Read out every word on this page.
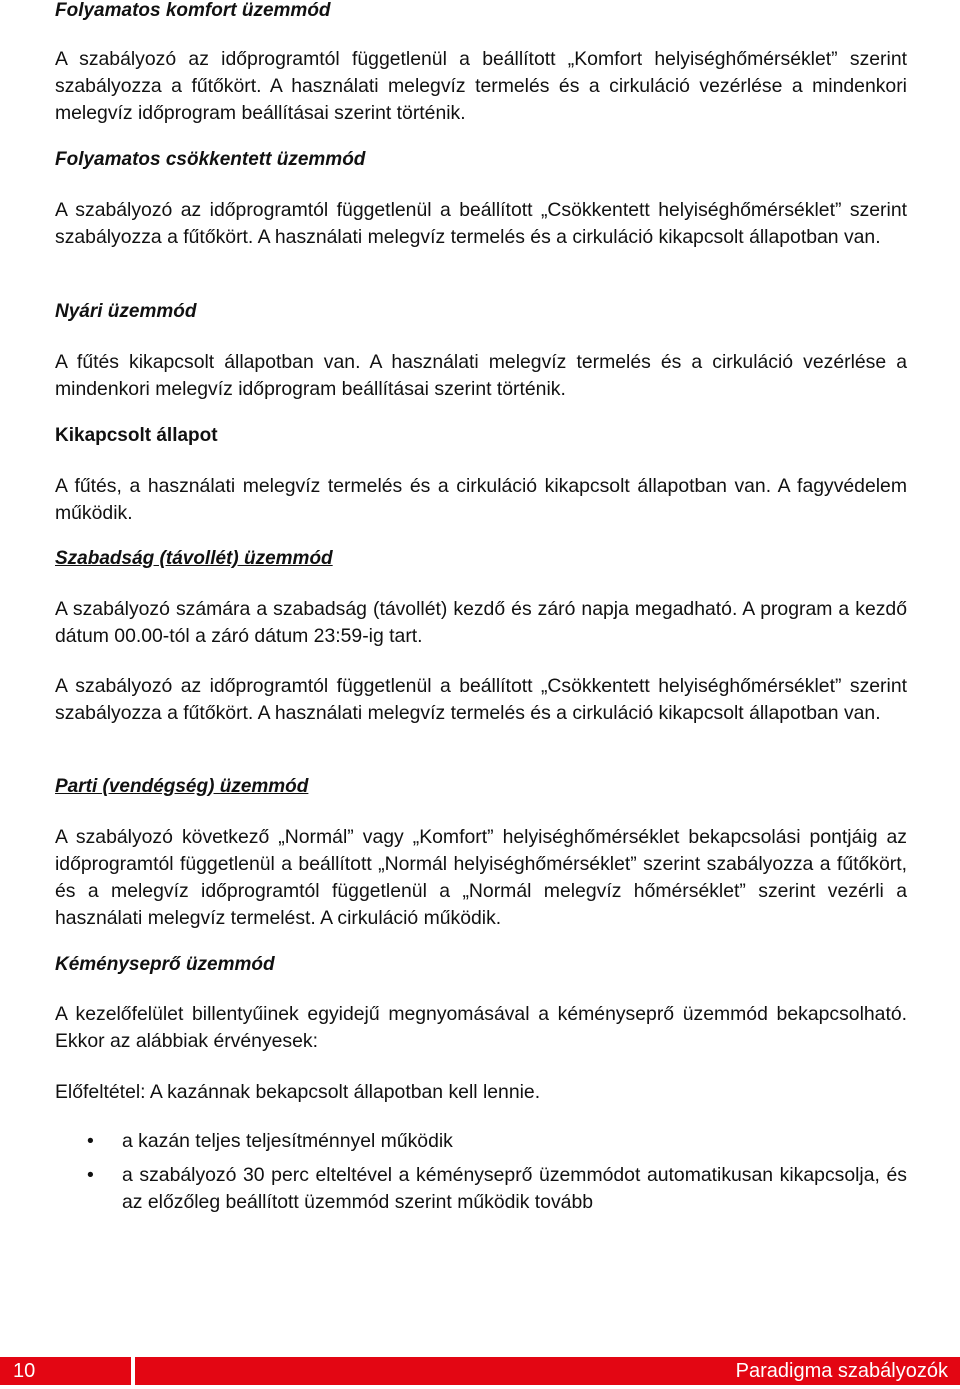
Folyamatos komfort üzemmód

A szabályozó az időprogramtól függetlenül a beállított „Komfort helyiséghőmérséklet” szerint szabályozza a fűtőkört. A használati melegvíz termelés és a cirkuláció vezérlése a mindenkori melegvíz időprogram beállításai szerint történik.

Folyamatos csökkentett üzemmód

A szabályozó az időprogramtól függetlenül a beállított „Csökkentett helyiséghőmérséklet” szerint szabályozza a fűtőkört. A használati melegvíz termelés és a cirkuláció kikapcsolt állapotban van.

Nyári üzemmód

A fűtés kikapcsolt állapotban van. A használati melegvíz termelés és a cirkuláció vezérlése a mindenkori melegvíz időprogram beállításai szerint történik.

Kikapcsolt állapot

A fűtés, a használati melegvíz termelés és a cirkuláció kikapcsolt állapotban van. A fagyvédelem működik.

Szabadság (távollét) üzemmód

A szabályozó számára a szabadság (távollét) kezdő és záró napja megadható. A program a kezdő dátum 00.00-tól a záró dátum 23:59-ig tart.

A szabályozó az időprogramtól függetlenül a beállított „Csökkentett helyiséghőmérséklet” szerint szabályozza a fűtőkört. A használati melegvíz termelés és a cirkuláció kikapcsolt állapotban van.

Parti (vendégség) üzemmód

A szabályozó következő „Normál” vagy „Komfort” helyiséghőmérséklet bekapcsolási pontjáig az időprogramtól függetlenül a beállított „Normál helyiséghőmérséklet” szerint szabályozza a fűtőkört, és a melegvíz időprogramtól függetlenül a „Normál melegvíz hőmérséklet” szerint vezérli a használati melegvíz termelést. A cirkuláció működik.

Kéményseprő üzemmód

A kezelőfelület billentyűinek egyidejű megnyomásával a kéményseprő üzemmód bekapcsolható. Ekkor az alábbiak érvényesek:

Előfeltétel: A kazánnak bekapcsolt állapotban kell lennie.

• a kazán teljes teljesítménnyel működik
• a szabályozó 30 perc elteltével a kéményseprő üzemmódot automatikusan kikapcsolja, és az előzőleg beállított üzemmód szerint működik tovább
10	Paradigma szabályozók
